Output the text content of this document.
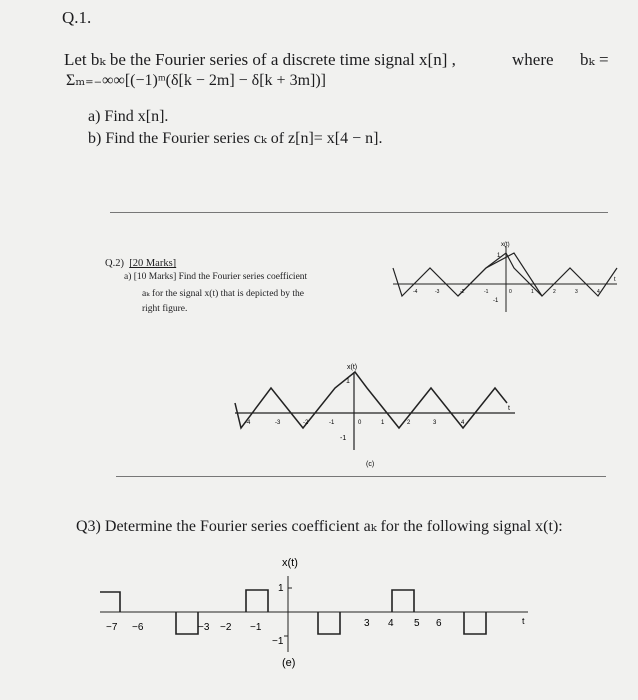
Q.1.
Let bₖ be the Fourier series of a discrete time signal x[n] ,	where bₖ =
Σₘ₌₋∞∞[(−1)ᵐ(δ[k − 2m] − δ[k + 3m])]
a) Find x[n].
b) Find the Fourier series cₖ of z[n]= x[4 − n].
Q.2) [20 Marks]
a) [10 Marks] Find the Fourier series coefficient
aₖ for the signal x(t) that is depicted by the
right figure.
x(t)
1
-1
t
-4	-3	-2	-1	0	1	2	3	4
x(t)
1
-1
t
-4	-3	-2	-1	0	1	2	3	4
(c)
Q3) Determine the Fourier series coefficient aₖ for the following signal x(t):
x(t)
1
−1
t
−7 −6	−3 −2 −1	3 4 5 6
(e)
